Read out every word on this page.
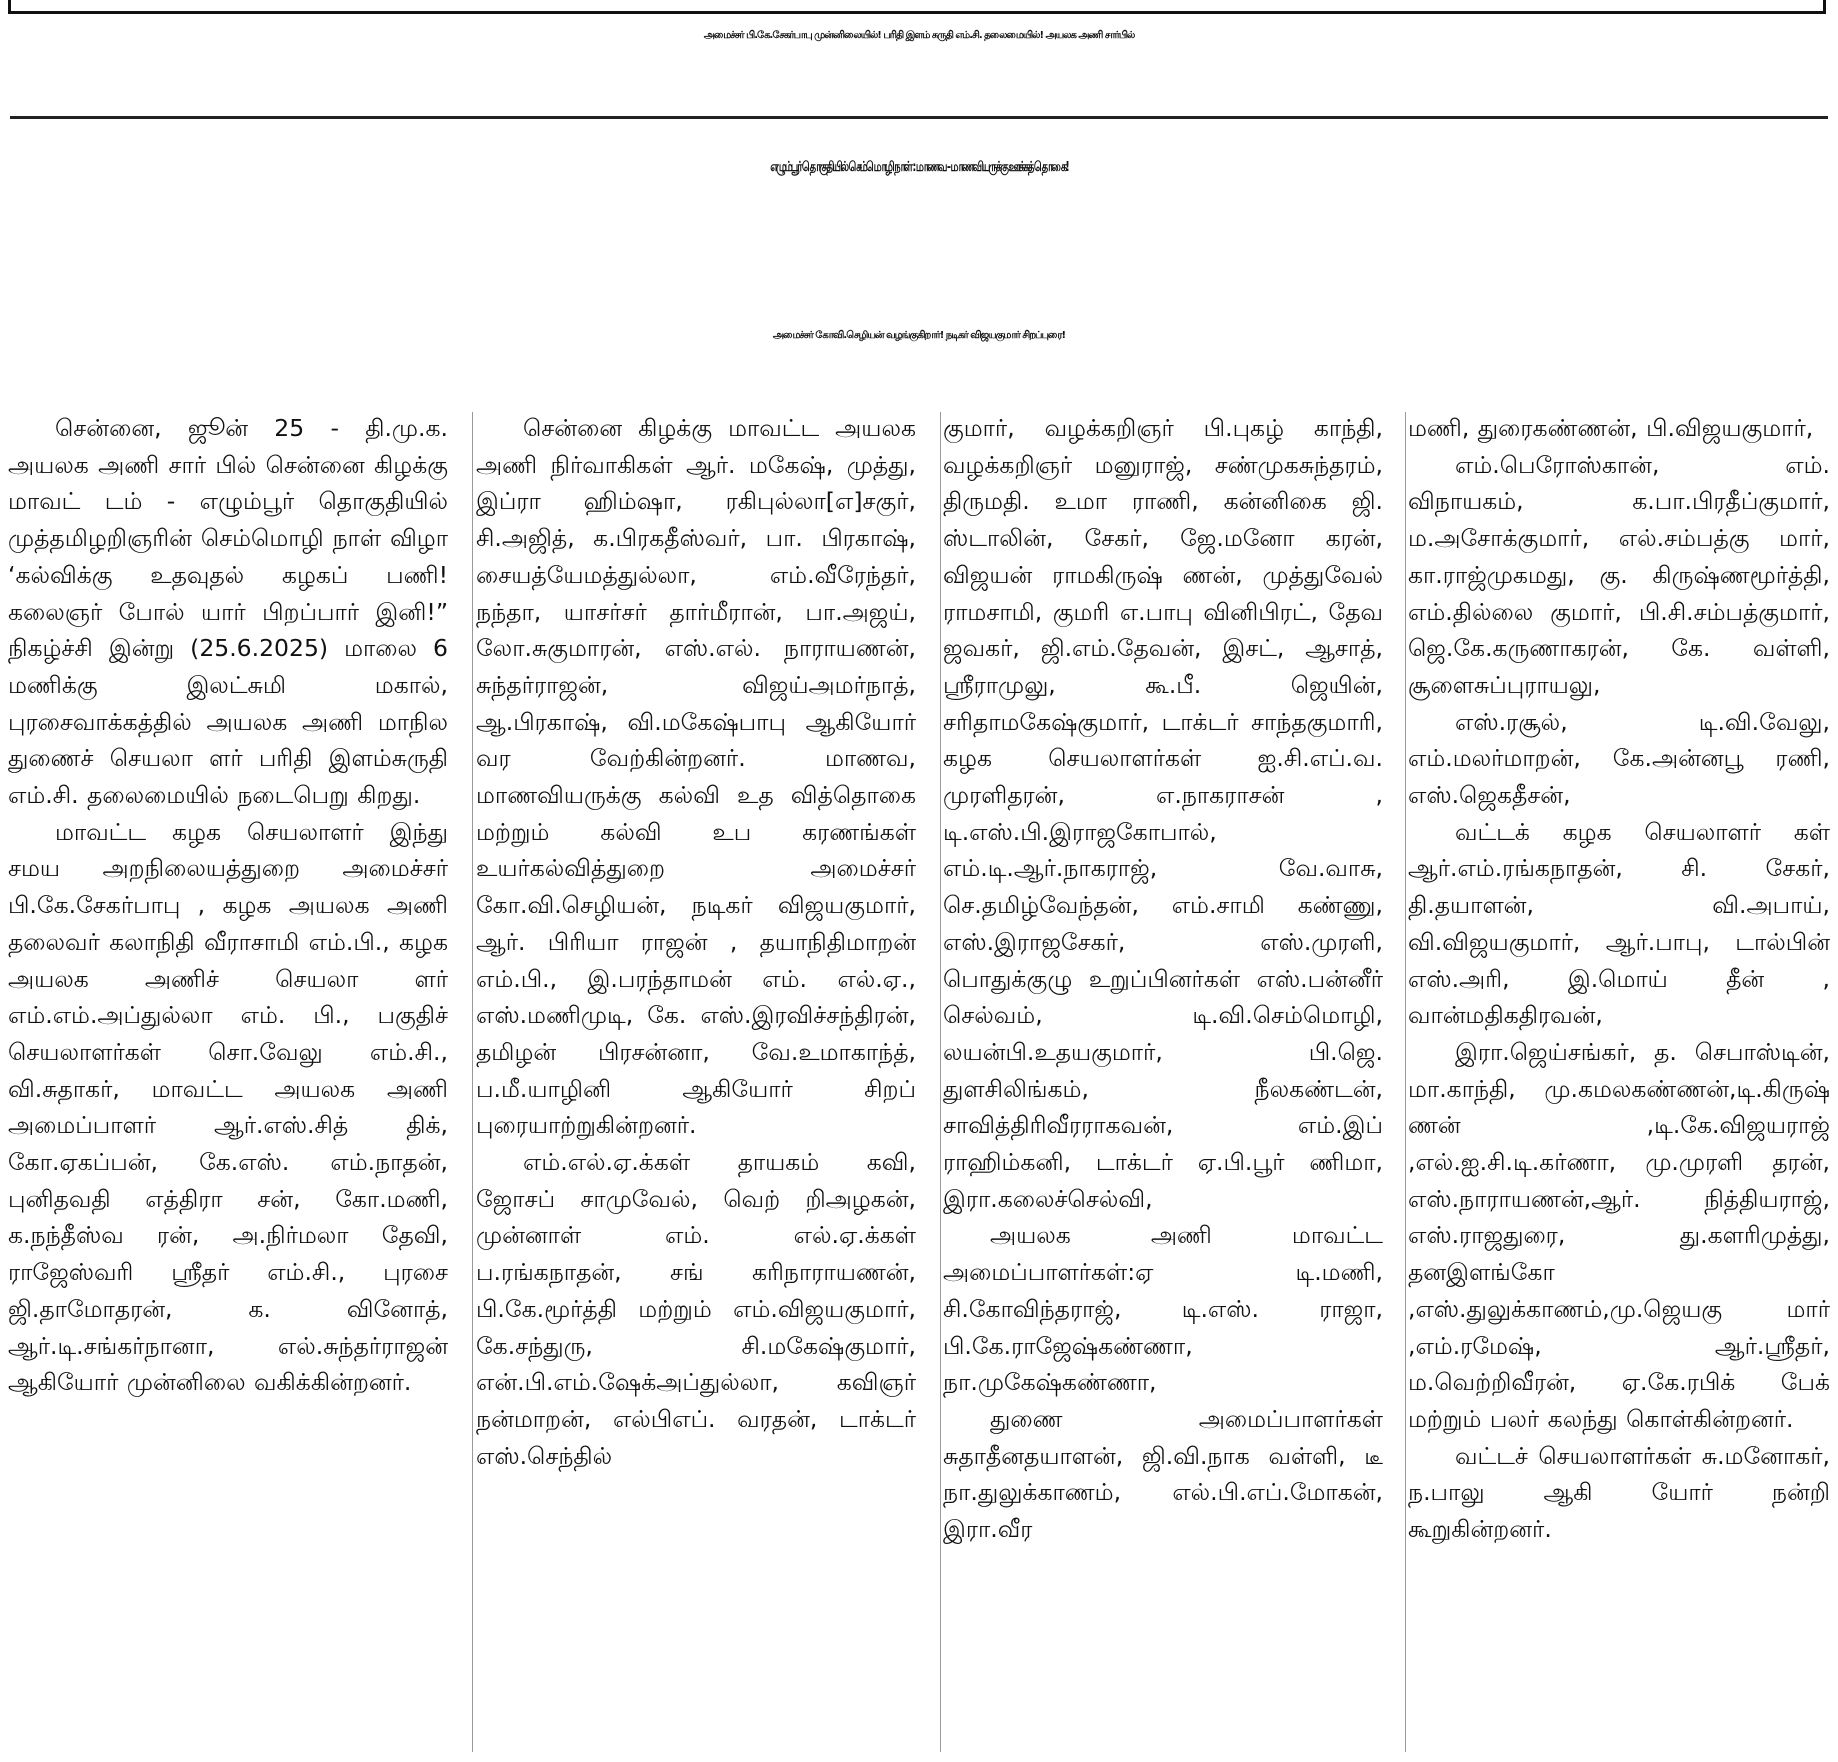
அமைச்சர் பி.கே.சேகர்பாபு முன்னிலையில்! பரிதி இளம் சுருதி எம்.சி. தலைமையில்! அயலக அணி சார்பில்
எழும்பூர் தொகுதியில் செம்மொழி நாள் : மாணவ - மாணவியருக்கு ஊக்கத் தொகை!
அமைச்சர் கோவி.செழியன் வழங்குகிறார்! நடிகர் விஜயகுமார் சிறப்புரை!

சென்னை, ஜூன் 25 - தி.மு.க. அயலக அணி சார் பில் சென்னை கிழக்கு மாவட் டம் - எழும்பூர் தொகுதியில் முத்தமிழறிஞரின் செம்மொழி நாள் விழா ‘கல்விக்கு உதவுதல் கழகப் பணி! கலைஞர் போல் யார் பிறப்பார் இனி!” நிகழ்ச்சி இன்று (25.6.2025) மாலை 6 மணிக்கு இலட்சுமி மகால், புரசைவாக்கத்தில் அயலக அணி மாநில துணைச் செயலா ளர் பரிதி இளம்சுருதி எம்.சி. தலைமையில் நடைபெறு கிறது.

மாவட்ட கழக செயலாளர் இந்து சமய அறநிலையத்துறை அமைச்சர் பி.கே.சேகர்பாபு , கழக அயலக அணி தலைவர் கலாநிதி வீராசாமி எம்.பி., கழக அயலக அணிச் செயலா ளர் எம்.எம்.அப்துல்லா எம். பி., பகுதிச் செயலாளர்கள் சொ.வேலு எம்.சி., வி.சுதாகர், மாவட்ட அயலக அணி அமைப்பாளர் ஆர்.எஸ்.சித் திக், கோ.ஏகப்பன், கே.எஸ். எம்.நாதன், புனிதவதி எத்திரா சன், கோ.மணி, க.நந்தீஸ்வ ரன், அ.நிர்மலா தேவி, ராஜேஸ்வரி ஸ்ரீதர் எம்.சி., புரசை ஜி.தாமோதரன், க. வினோத், ஆர்.டி.சங்கர்நானா, எல்.சுந்தர்ராஜன் ஆகியோர் முன்னிலை வகிக்கின்றனர்.

சென்னை கிழக்கு மாவட்ட அயலக அணி நிர்வாகிகள் ஆர். மகேஷ், முத்து, இப்ரா ஹிம்ஷா, ரகிபுல்லா[எ]சகுர், சி.அஜித், க.பிரகதீஸ்வர், பா. பிரகாஷ், சையத்யேமத்துல்லா, எம்.வீரேந்தர், நந்தா, யாசர்சர் தார்மீரான், பா.அஜய், லோ.சுகுமாரன், எஸ்.எல். நாராயணன், சுந்தர்ராஜன், விஜய்அமர்நாத், ஆ.பிரகாஷ், வி.மகேஷ்பாபு ஆகியோர் வர வேற்கின்றனர். மாணவ, மாணவியருக்கு கல்வி உத வித்தொகை மற்றும் கல்வி உப கரணங்கள் உயர்கல்வித்துறை அமைச்சர் கோ.வி.செழியன், நடிகர் விஜயகுமார், ஆர். பிரியா ராஜன் , தயாநிதிமாறன் எம்.பி., இ.பரந்தாமன் எம். எல்.ஏ., எஸ்.மணிமுடி, கே. எஸ்.இரவிச்சந்திரன், தமிழன் பிரசன்னா, வே.உமாகாந்த், ப.மீ.யாழினி ஆகியோர் சிறப் புரையாற்றுகின்றனர்.

எம்.எல்.ஏ.க்கள் தாயகம் கவி, ஜோசப் சாமுவேல், வெற் றிஅழகன், முன்னாள் எம். எல்.ஏ.க்கள் ப.ரங்கநாதன், சங் கரிநாராயணன், பி.கே.மூர்த்தி மற்றும் எம்.விஜயகுமார், கே.சந்துரு, சி.மகேஷ்குமார், என்.பி.எம்.ஷேக்அப்துல்லா, கவிஞர் நன்மாறன், எல்பிஎப். வரதன், டாக்டர் எஸ்.செந்தில்

குமார், வழக்கறிஞர் பி.புகழ் காந்தி, வழக்கறிஞர் மனுராஜ், சண்முகசுந்தரம், திருமதி. உமா ராணி, கன்னிகை ஜி. ஸ்டாலின், சேகர், ஜே.மனோ கரன், விஜயன் ராமகிருஷ் ணன், முத்துவேல் ராமசாமி, குமரி எ.பாபு வினிபிரட், தேவ ஜவகர், ஜி.எம்.தேவன், இசட், ஆசாத், ஸ்ரீராமுலு, கூ.பீ. ஜெயின், சரிதாமகேஷ்குமார், டாக்டர் சாந்தகுமாரி, கழக செயலாளர்கள் ஐ.சி.எப்.வ. முரளிதரன், எ.நாகராசன் , டி.எஸ்.பி.இராஜகோபால், எம்.டி.ஆர்.நாகராஜ், வே.வாசு, செ.தமிழ்வேந்தன், எம்.சாமி கண்ணு, எஸ்.இராஜசேகர், எஸ்.முரளி, பொதுக்குழு உறுப்பினர்கள் எஸ்.பன்னீர் செல்வம், டி.வி.செம்மொழி, லயன்பி.உதயகுமார், பி.ஜெ. துளசிலிங்கம், நீலகண்டன், சாவித்திரிவீரராகவன், எம்.இப் ராஹிம்கனி, டாக்டர் ஏ.பி.பூர் ணிமா, இரா.கலைச்செல்வி,

அயலக அணி மாவட்ட அமைப்பாளர்கள்:ஏ டி.மணி, சி.கோவிந்தராஜ், டி.எஸ். ராஜா, பி.கே.ராஜேஷ்கண்ணா, நா.முகேஷ்கண்ணா,

துணை அமைப்பாளர்கள் சுதாதீனதயாளன், ஜி.வி.நாக வள்ளி, டீ நா.துலுக்காணம், எல்.பி.எப்.மோகன், இரா.வீர

மணி, துரைகண்ணன், பி.விஜயகுமார்,

எம்.பெரோஸ்கான், எம். விநாயகம், க.பா.பிரதீப்குமார், ம.அசோக்குமார், எல்.சம்பத்கு மார், கா.ராஜ்முகமது, கு. கிருஷ்ணமூர்த்தி, எம்.தில்லை குமார், பி.சி.சம்பத்குமார், ஜெ.கே.கருணாகரன், கே. வள்ளி, சூளைசுப்புராயலு,

எஸ்.ரசூல், டி.வி.வேலு, எம்.மலர்மாறன், கே.அன்னபூ ரணி, எஸ்.ஜெகதீசன்,

வட்டக் கழக செயலாளர் கள் ஆர்.எம்.ரங்கநாதன், சி. சேகர், தி.தயாளன், வி.அபாய், வி.விஜயகுமார், ஆர்.பாபு, டால்பின் எஸ்.அரி, இ.மொய் தீன் , வான்மதிகதிரவன்,

இரா.ஜெய்சங்கர், த. செபாஸ்டின், மா.காந்தி, மு.கமலகண்ணன்,டி.கிருஷ் ணன் ,டி.கே.விஜயராஜ் ,எல்.ஐ.சி.டி.கர்ணா, மு.முரளி தரன், எஸ்.நாராயணன்,ஆர். நித்தியராஜ், எஸ்.ராஜதுரை, து.களரிமுத்து, தனஇளங்கோ ,எஸ்.துலுக்காணம்,மு.ஜெயகு மார் ,எம்.ரமேஷ், ஆர்.ஸ்ரீதர், ம.வெற்றிவீரன், ஏ.கே.ரபிக் பேக் மற்றும் பலர் கலந்து கொள்கின்றனர்.

வட்டச் செயலாளர்கள் சு.மனோகர், ந.பாலு ஆகி யோர் நன்றி கூறுகின்றனர்.
